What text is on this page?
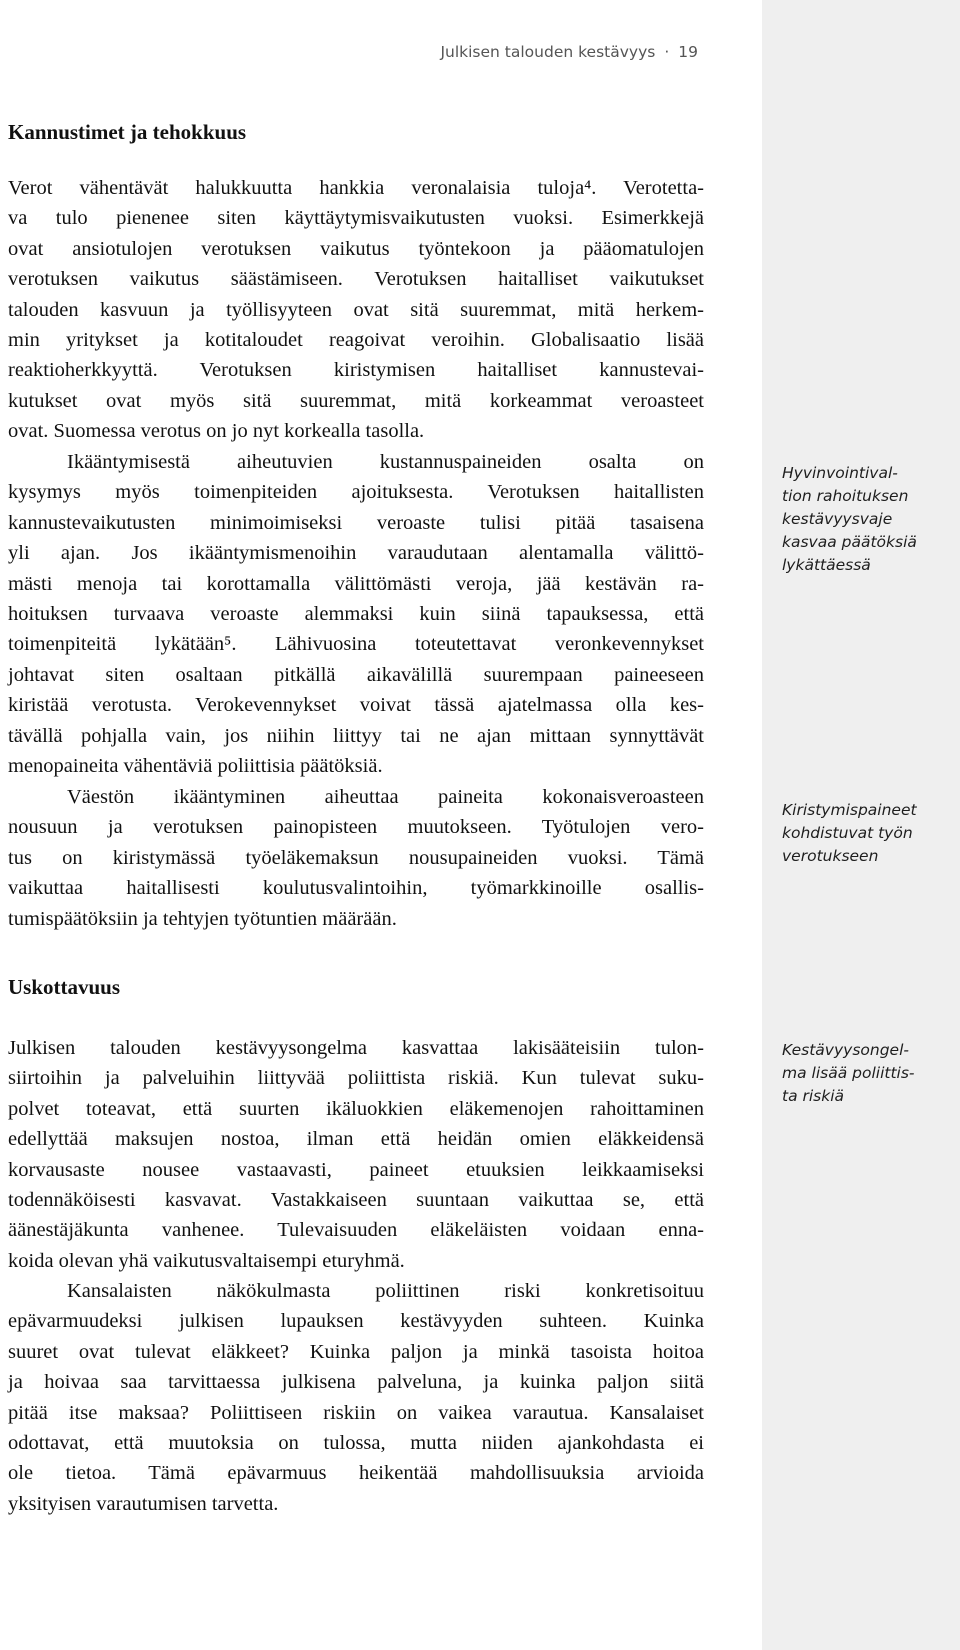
Julkisen talouden kestävyys · 19
Kannustimet ja tehokkuus
Verot vähentävät halukkuutta hankkia veronalaisia tuloja⁴. Verotetta-
va tulo pienenee siten käyttäytymisvaikutusten vuoksi. Esimerkkejä
ovat ansiotulojen verotuksen vaikutus työntekoon ja pääomatulojen
verotuksen vaikutus säästämiseen. Verotuksen haitalliset vaikutukset
talouden kasvuun ja työllisyyteen ovat sitä suuremmat, mitä herkem-
min yritykset ja kotitaloudet reagoivat veroihin. Globalisaatio lisää
reaktioherkkyyttä. Verotuksen kiristymisen haitalliset kannustevai-
kutukset ovat myös sitä suuremmat, mitä korkeammat veroasteet
ovat. Suomessa verotus on jo nyt korkealla tasolla.
Ikääntymisestä aiheutuvien kustannuspaineiden osalta on
kysymys myös toimenpiteiden ajoituksesta. Verotuksen haitallisten
kannustevaikutusten minimoimiseksi veroaste tulisi pitää tasaisena
yli ajan. Jos ikääntymismenoihin varaudutaan alentamalla välittö-
mästi menoja tai korottamalla välittömästi veroja, jää kestävän ra-
hoituksen turvaava veroaste alemmaksi kuin siinä tapauksessa, että
toimenpiteitä lykätään⁵. Lähivuosina toteutettavat veronkevennykset
johtavat siten osaltaan pitkällä aikavälillä suurempaan paineeseen
kiristää verotusta. Verokevennykset voivat tässä ajatelmassa olla kes-
tävällä pohjalla vain, jos niihin liittyy tai ne ajan mittaan synnyttävät
menopaineita vähentäviä poliittisia päätöksiä.
Väestön ikääntyminen aiheuttaa paineita kokonaisveroasteen
nousuun ja verotuksen painopisteen muutokseen. Työtulojen vero-
tus on kiristymässä työeläkemaksun nousupaineiden vuoksi. Tämä
vaikuttaa haitallisesti koulutusvalintoihin, työmarkkinoille osallis-
tumispäätöksiin ja tehtyjen työtuntien määrään.
Uskottavuus
Julkisen talouden kestävyysongelma kasvattaa lakisääteisiin tulon-
siirtoihin ja palveluihin liittyvää poliittista riskiä. Kun tulevat suku-
polvet toteavat, että suurten ikäluokkien eläkemenojen rahoittaminen
edellyttää maksujen nostoa, ilman että heidän omien eläkkeidensä
korvausaste nousee vastaavasti, paineet etuuksien leikkaamiseksi
todennäköisesti kasvavat. Vastakkaiseen suuntaan vaikuttaa se, että
äänestäjäkunta vanhenee. Tulevaisuuden eläkeläisten voidaan enna-
koida olevan yhä vaikutusvaltaisempi eturyhmä.
Kansalaisten näkökulmasta poliittinen riski konkretisoituu
epävarmuudeksi julkisen lupauksen kestävyyden suhteen. Kuinka
suuret ovat tulevat eläkkeet? Kuinka paljon ja minkä tasoista hoitoa
ja hoivaa saa tarvittaessa julkisena palveluna, ja kuinka paljon siitä
pitää itse maksaa? Poliittiseen riskiin on vaikea varautua. Kansalaiset
odottavat, että muutoksia on tulossa, mutta niiden ajankohdasta ei
ole tietoa. Tämä epävarmuus heikentää mahdollisuuksia arvioida
yksityisen varautumisen tarvetta.
Hyvinvointival-
tion rahoituksen
kestävyysvaje
kasvaa päätöksiä
lykättäessä
Kiristymispaineet
kohdistuvat työn
verotukseen
Kestävyysongel-
ma lisää poliittis-
ta riskiä
